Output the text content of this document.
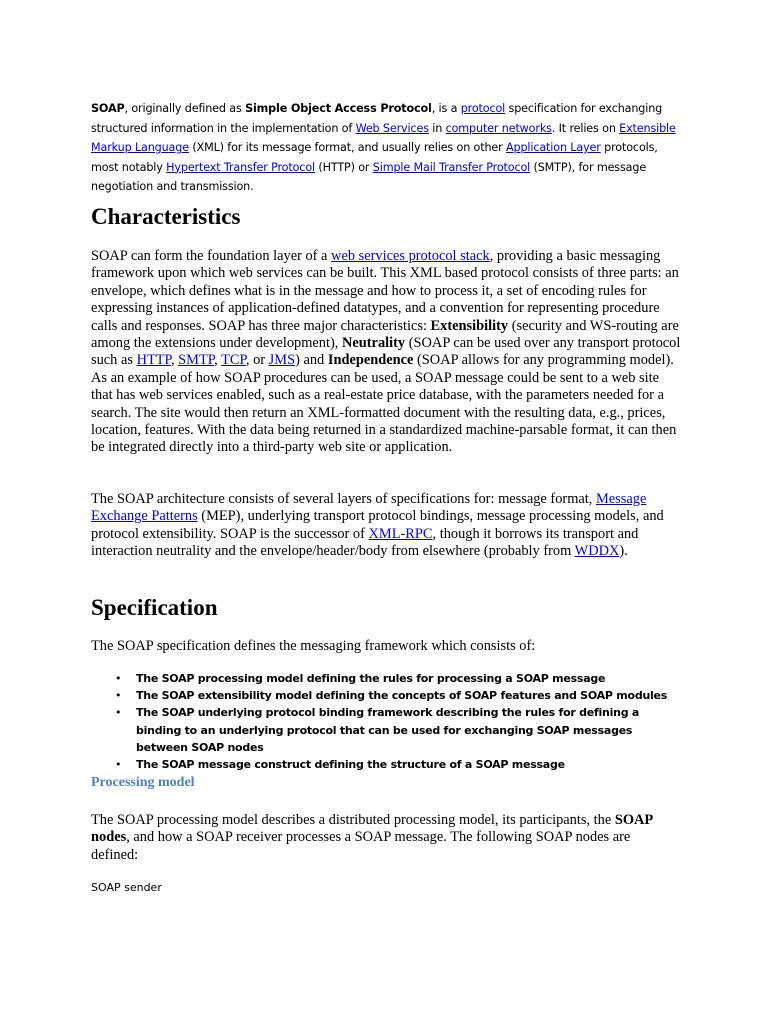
SOAP, originally defined as Simple Object Access Protocol, is a protocol specification for exchanging structured information in the implementation of Web Services in computer networks. It relies on Extensible Markup Language (XML) for its message format, and usually relies on other Application Layer protocols, most notably Hypertext Transfer Protocol (HTTP) or Simple Mail Transfer Protocol (SMTP), for message negotiation and transmission.

Characteristics

SOAP can form the foundation layer of a web services protocol stack, providing a basic messaging framework upon which web services can be built. This XML based protocol consists of three parts: an envelope, which defines what is in the message and how to process it, a set of encoding rules for expressing instances of application-defined datatypes, and a convention for representing procedure calls and responses. SOAP has three major characteristics: Extensibility (security and WS-routing are among the extensions under development), Neutrality (SOAP can be used over any transport protocol such as HTTP, SMTP, TCP, or JMS) and Independence (SOAP allows for any programming model). As an example of how SOAP procedures can be used, a SOAP message could be sent to a web site that has web services enabled, such as a real-estate price database, with the parameters needed for a search. The site would then return an XML-formatted document with the resulting data, e.g., prices, location, features. With the data being returned in a standardized machine-parsable format, it can then be integrated directly into a third-party web site or application.

The SOAP architecture consists of several layers of specifications for: message format, Message Exchange Patterns (MEP), underlying transport protocol bindings, message processing models, and protocol extensibility. SOAP is the successor of XML-RPC, though it borrows its transport and interaction neutrality and the envelope/header/body from elsewhere (probably from WDDX).

Specification

The SOAP specification defines the messaging framework which consists of:

• The SOAP processing model defining the rules for processing a SOAP message
• The SOAP extensibility model defining the concepts of SOAP features and SOAP modules
• The SOAP underlying protocol binding framework describing the rules for defining a binding to an underlying protocol that can be used for exchanging SOAP messages between SOAP nodes
• The SOAP message construct defining the structure of a SOAP message
Processing model

The SOAP processing model describes a distributed processing model, its participants, the SOAP nodes, and how a SOAP receiver processes a SOAP message. The following SOAP nodes are defined:

SOAP sender
